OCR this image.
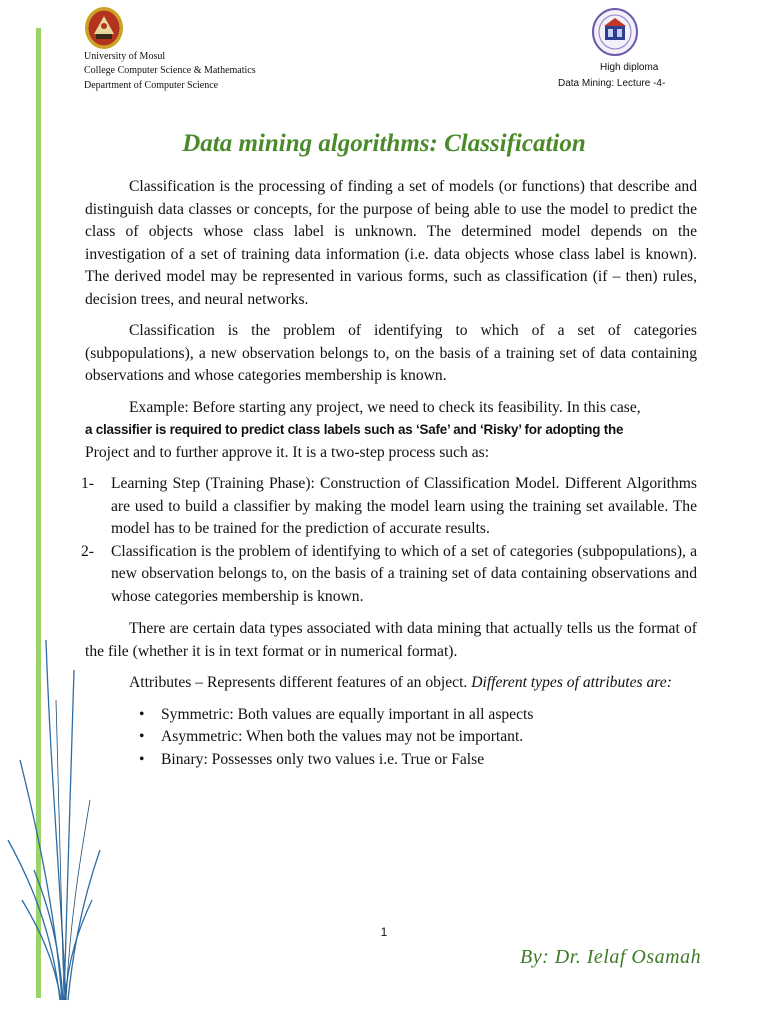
University of Mosul
College Computer Science & Mathematics
Department of Computer Science
High diploma
Data Mining: Lecture -4-
Data mining algorithms: Classification

Classification is the processing of finding a set of models (or functions) that describe and distinguish data classes or concepts, for the purpose of being able to use the model to predict the class of objects whose class label is unknown. The determined model depends on the investigation of a set of training data information (i.e. data objects whose class label is known). The derived model may be represented in various forms, such as classification (if – then) rules, decision trees, and neural networks.

Classification is the problem of identifying to which of a set of categories (subpopulations), a new observation belongs to, on the basis of a training set of data containing observations and whose categories membership is known.

Example: Before starting any project, we need to check its feasibility. In this case,
a classifier is required to predict class labels such as ‘Safe’ and ‘Risky’ for adopting the
Project and to further approve it. It is a two-step process such as:

1- Learning Step (Training Phase): Construction of Classification Model. Different Algorithms are used to build a classifier by making the model learn using the training set available. The model has to be trained for the prediction of accurate results.
2- Classification is the problem of identifying to which of a set of categories (subpopulations), a new observation belongs to, on the basis of a training set of data containing observations and whose categories membership is known.

There are certain data types associated with data mining that actually tells us the format of the file (whether it is in text format or in numerical format).

Attributes – Represents different features of an object. Different types of attributes are:

• Symmetric: Both values are equally important in all aspects
• Asymmetric: When both the values may not be important.
• Binary: Possesses only two values i.e. True or False
1
By: Dr. Ielaf Osamah
